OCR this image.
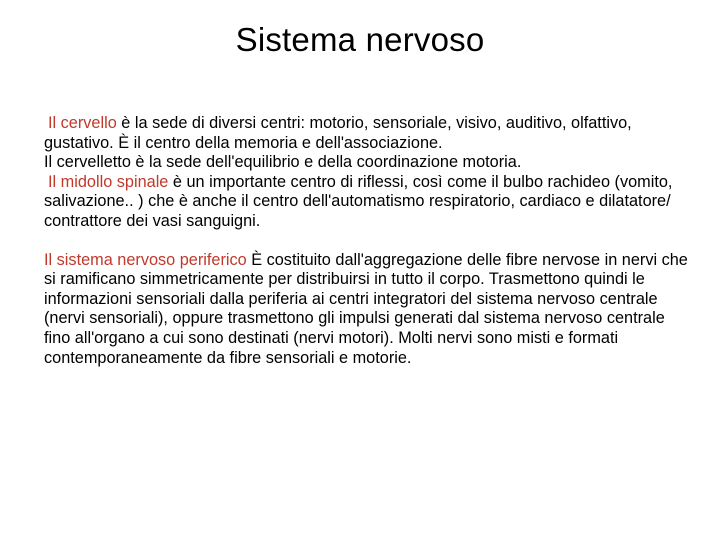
Sistema nervoso

Il cervello è la sede di diversi centri: motorio, sensoriale, visivo, auditivo, olfattivo, gustativo. È il centro della memoria e dell'associazione.

Il cervelletto è la sede dell'equilibrio e della coordinazione motoria.

Il midollo spinale è un importante centro di riflessi, così come il bulbo rachideo (vomito, salivazione.. ) che è anche il centro dell'automatismo respiratorio, cardiaco e dilatatore/ contrattore dei vasi sanguigni.

Il sistema nervoso periferico È costituito dall'aggregazione delle fibre nervose in nervi che si ramificano simmetricamente per distribuirsi in tutto il corpo. Trasmettono quindi le informazioni sensoriali dalla periferia ai centri integratori del sistema nervoso centrale (nervi sensoriali), oppure trasmettono gli impulsi generati dal sistema nervoso centrale fino all'organo a cui sono destinati (nervi motori). Molti nervi sono misti e formati contemporaneamente da fibre sensoriali e motorie.
